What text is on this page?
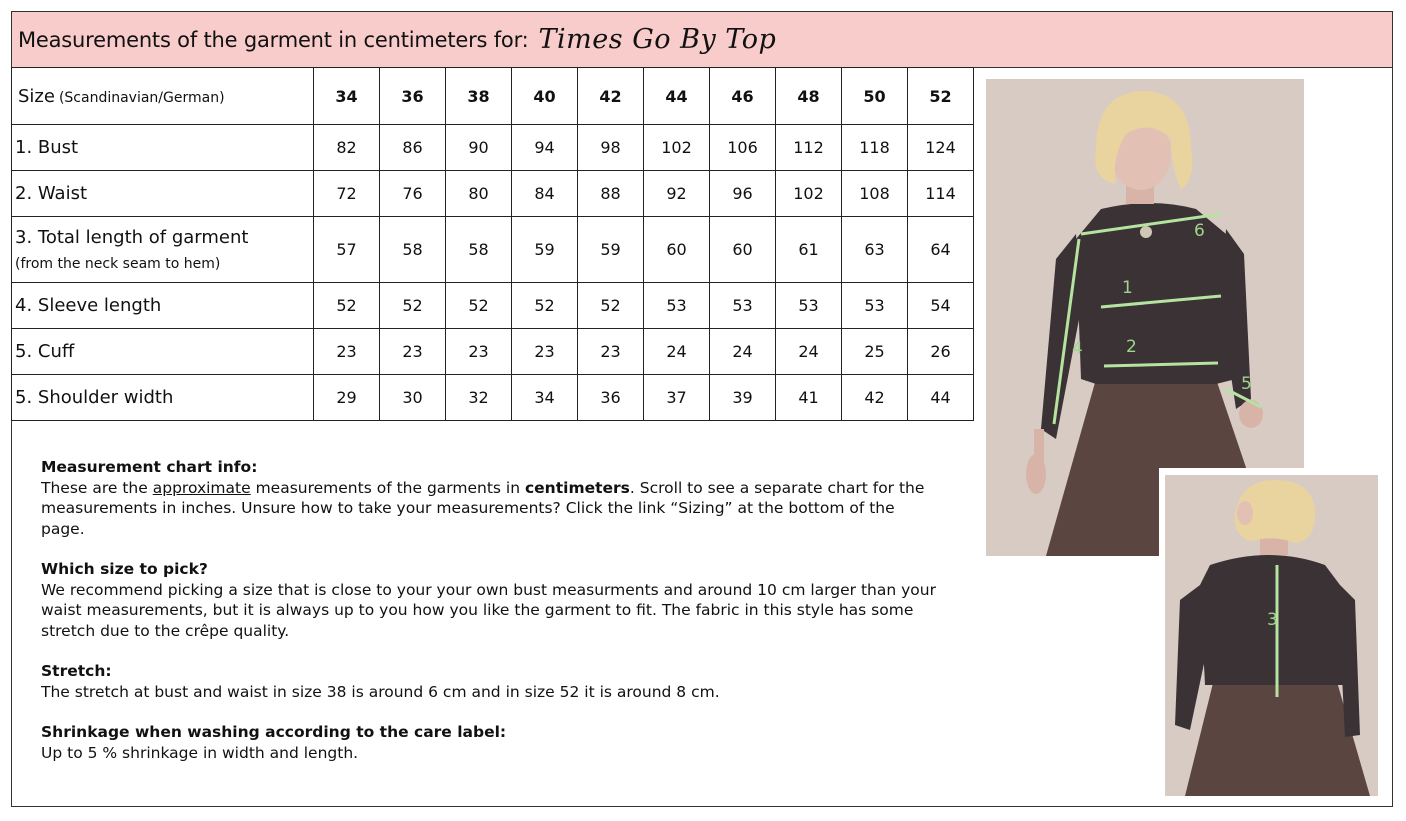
Measurements of the garment in centimeters for: Times Go By Top
Size (Scandinavian/German)	34	36	38	40	42	44	46	48	50	52
1. Bust	82	86	90	94	98	102	106	112	118	124
2. Waist	72	76	80	84	88	92	96	102	108	114
3. Total length of garment
(from the neck seam to hem)	57	58	58	59	59	60	60	61	63	64
4. Sleeve length	52	52	52	52	52	53	53	53	53	54
5. Cuff	23	23	23	23	23	24	24	24	25	26
5. Shoulder width	29	30	32	34	36	37	39	41	42	44
Measurement chart info:
These are the approximate measurements of the garments in centimeters. Scroll to see a separate chart for the measurements in inches. Unsure how to take your measurements? Click the link “Sizing” at the bottom of the page.
Which size to pick?
We recommend picking a size that is close to your your own bust measurments and around 10 cm larger than your waist measurements, but it is always up to you how you like the garment to fit. The fabric in this style has some stretch due to the crêpe quality.
Stretch:
The stretch at bust and waist in size 38 is around 6 cm and in size 52 it is around 8 cm.
Shrinkage when washing according to the care label:
Up to 5 % shrinkage in width and length.
6
1
4	2
5
3
